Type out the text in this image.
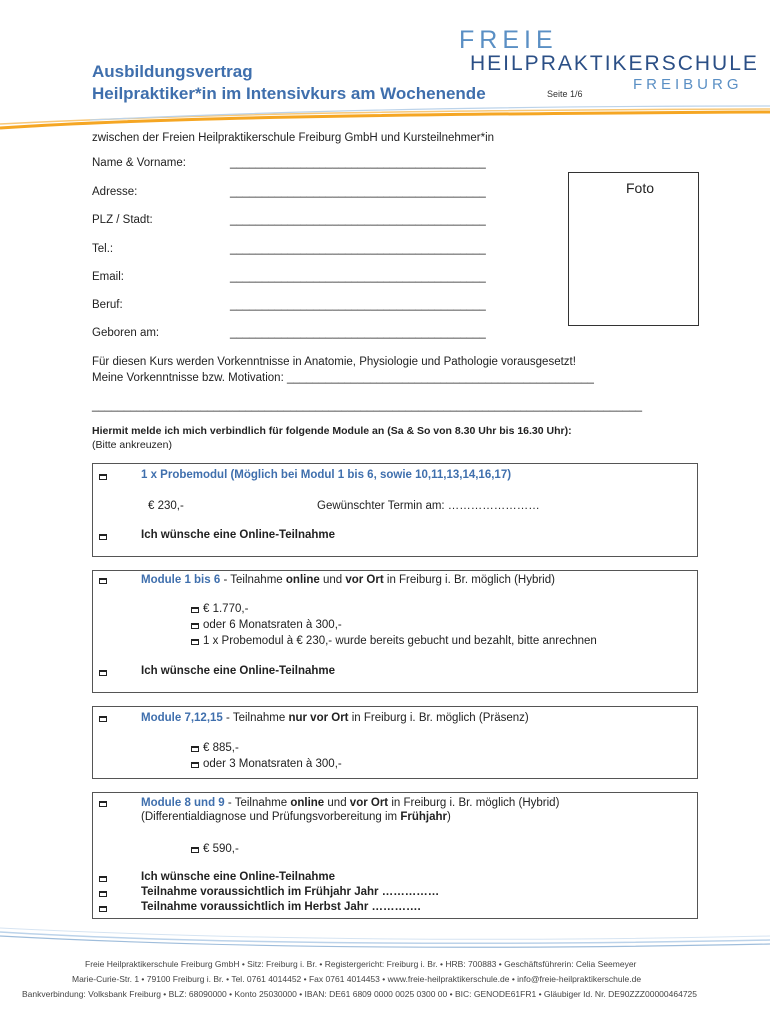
FREIE
HEILPRAKTIKERSCHULE
FREIBURG
Ausbildungsvertrag
Heilpraktiker*in im Intensivkurs am Wochenende	Seite 1/6
zwischen der Freien Heilpraktikerschule Freiburg GmbH und Kursteilnehmer*in
Name & Vorname:	________________________________________
Adresse:	________________________________________
PLZ / Stadt:	________________________________________
Tel.:	________________________________________
Email:	________________________________________
Beruf:	________________________________________
Geboren am:	________________________________________
Foto
Für diesen Kurs werden Vorkenntnisse in Anatomie, Physiologie und Pathologie vorausgesetzt!
Meine Vorkenntnisse bzw. Motivation: ________________________________________________
______________________________________________________________________________________
Hiermit melde ich mich verbindlich für folgende Module an (Sa & So von 8.30 Uhr bis 16.30 Uhr):
(Bitte ankreuzen)
1 x Probemodul (Möglich bei Modul 1 bis 6, sowie 10,11,13,14,16,17)
€ 230,-	Gewünschter Termin am: ……………………
Ich wünsche eine Online-Teilnahme
Module 1 bis 6 - Teilnahme online und vor Ort in Freiburg i. Br. möglich (Hybrid)
€ 1.770,-
oder 6 Monatsraten à 300,-
1 x Probemodul à € 230,- wurde bereits gebucht und bezahlt, bitte anrechnen
Ich wünsche eine Online-Teilnahme
Module 7,12,15 - Teilnahme nur vor Ort in Freiburg i. Br. möglich (Präsenz)
€ 885,-
oder 3 Monatsraten à 300,-
Module 8 und 9 - Teilnahme online und vor Ort in Freiburg i. Br. möglich (Hybrid)
(Differentialdiagnose und Prüfungsvorbereitung im Frühjahr)
€ 590,-
Ich wünsche eine Online-Teilnahme
Teilnahme voraussichtlich im Frühjahr Jahr ……………
Teilnahme voraussichtlich im Herbst Jahr ………….
Freie Heilpraktikerschule Freiburg GmbH • Sitz: Freiburg i. Br. • Registergericht: Freiburg i. Br. • HRB: 700883 • Geschäftsführerin: Celia Seemeyer
Marie-Curie-Str. 1 • 79100 Freiburg i. Br. • Tel. 0761 4014452 • Fax 0761 4014453 • www.freie-heilpraktikerschule.de • info@freie-heilpraktikerschule.de
Bankverbindung: Volksbank Freiburg • BLZ: 68090000 • Konto 25030000 • IBAN: DE61 6809 0000 0025 0300 00 • BIC: GENODE61FR1 • Gläubiger Id. Nr. DE90ZZZ00000464725
